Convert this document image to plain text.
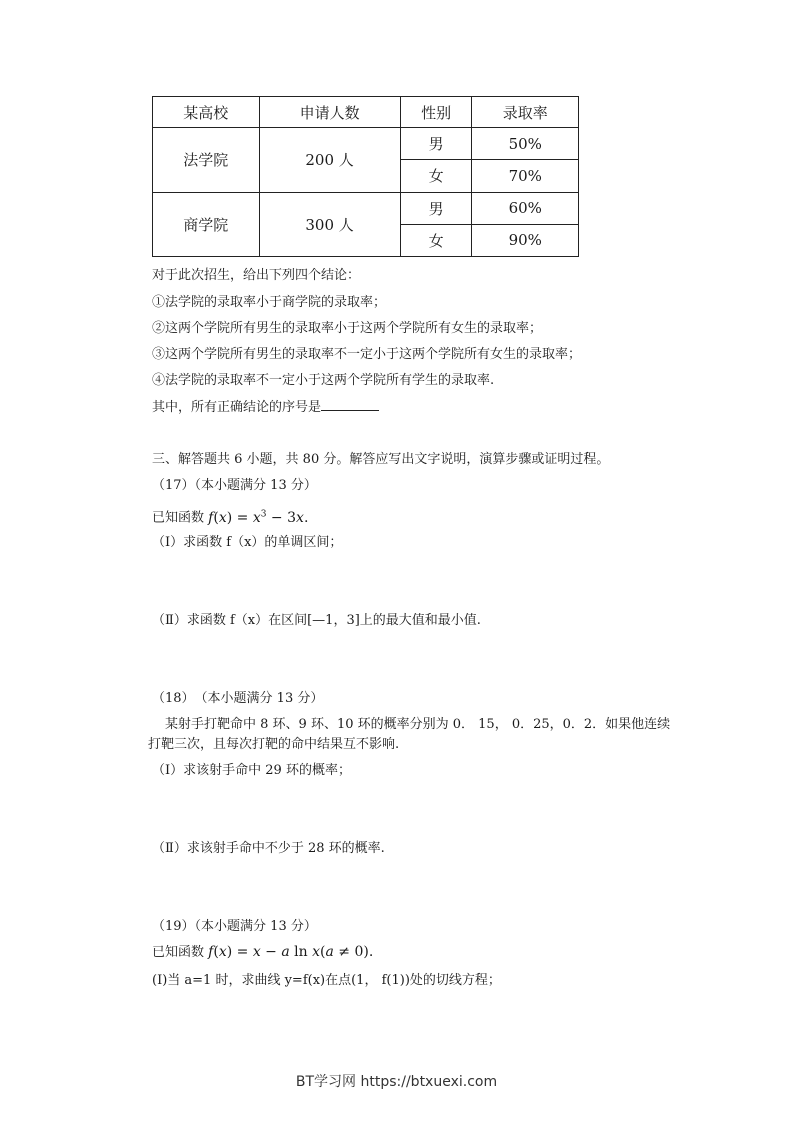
某高校	申请人数	性别	录取率
法学院	200 人	男	50%
		女	70%
商学院	300 人	男	60%
		女	90%
对于此次招生，给出下列四个结论：
①法学院的录取率小于商学院的录取率；
②这两个学院所有男生的录取率小于这两个学院所有女生的录取率；
③这两个学院所有男生的录取率不一定小于这两个学院所有女生的录取率；
④法学院的录取率不一定小于这两个学院所有学生的录取率.
其中，所有正确结论的序号是
三、解答题共 6 小题，共 80 分。解答应写出文字说明，演算步骤或证明过程。
（17）（本小题满分 13 分）
已知函数 $f(x) = x^3 - 3x$.
（Ⅰ）求函数 f（x）的单调区间；
（Ⅱ）求函数 f（x）在区间[—1，3]上的最大值和最小值.
（18）　（本小题满分 13 分）
某射手打靶命中 8 环、9 环、10 环的概率分别为 0． 15， 0．25，0．2．如果他连续
打靶三次，且每次打靶的命中结果互不影响.
（Ⅰ）求该射手命中 29 环的概率；
（Ⅱ）求该射手命中不少于 28 环的概率.
（19）（本小题满分 13 分）
已知函数 f(x) = x − a ln x(a ≠ 0).
(Ⅰ)当 a=1 时，求曲线 y=f(x)在点(1， f(1))处的切线方程；
BT学习网 https://btxuexi.com
